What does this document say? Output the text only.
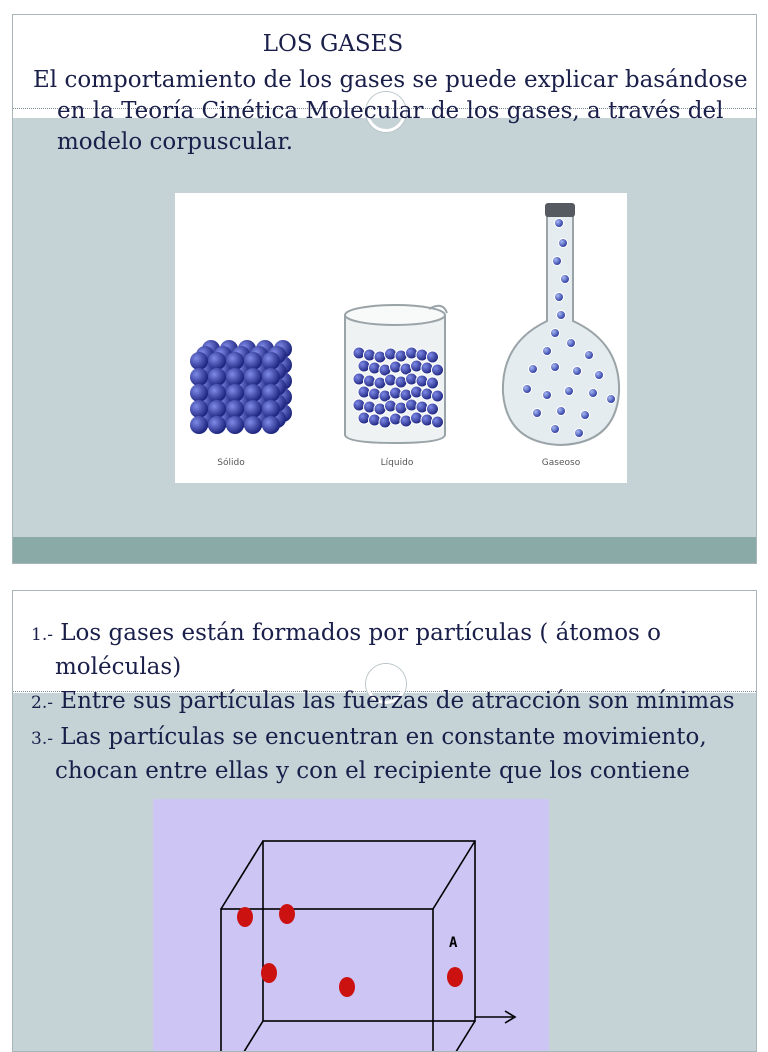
LOS GASES
El comportamiento de los gases se puede explicar basándose
en la Teoría Cinética Molecular de los gases, a través del
modelo corpuscular.
Sólido	Líquido	Gaseoso
1.- Los gases están formados por partículas ( átomos o
moléculas)
2.- Entre sus partículas las fuerzas de atracción son mínimas
3.- Las partículas se encuentran en constante movimiento,
chocan entre ellas y con el recipiente que los contiene
A
